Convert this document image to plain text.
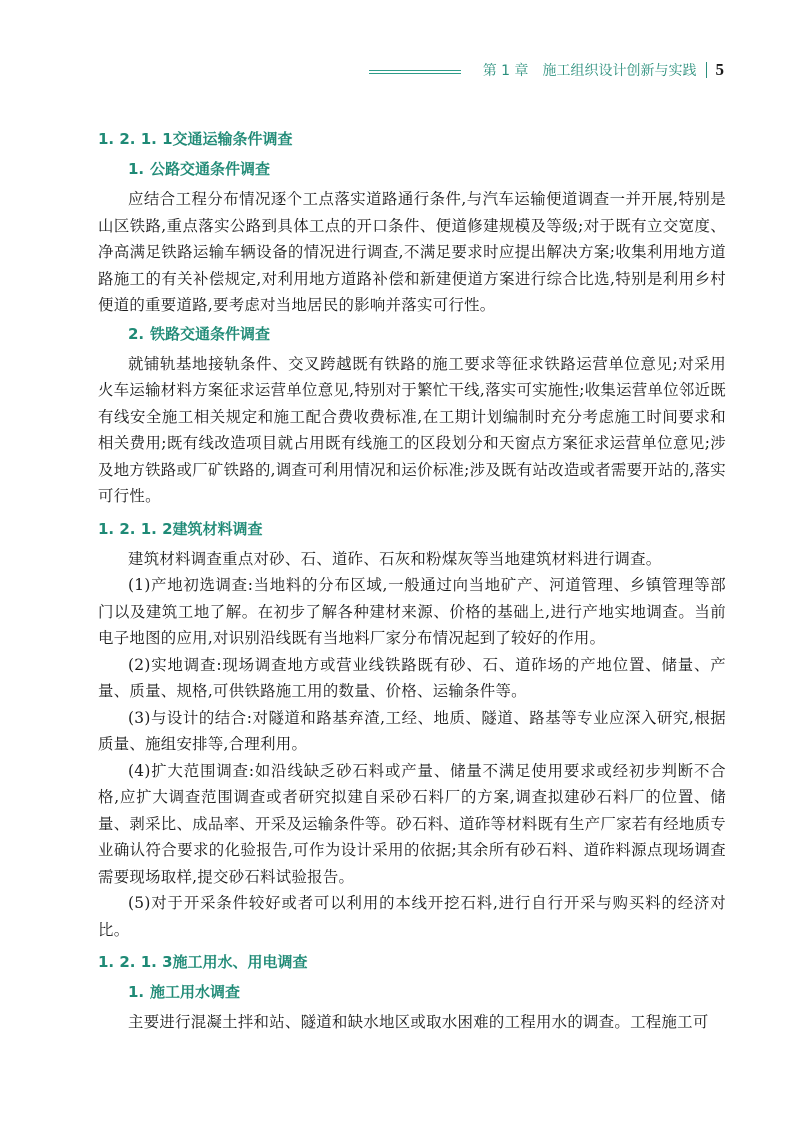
第 1 章 施工组织设计创新与实践 5
1. 2. 1. 1交通运输条件调查
1. 公路交通条件调查

应结合工程分布情况逐个工点落实道路通行条件,与汽车运输便道调查一并开展,特别是山区铁路,重点落实公路到具体工点的开口条件、便道修建规模及等级;对于既有立交宽度、净高满足铁路运输车辆设备的情况进行调查,不满足要求时应提出解决方案;收集利用地方道路施工的有关补偿规定,对利用地方道路补偿和新建便道方案进行综合比选,特别是利用乡村便道的重要道路,要考虑对当地居民的影响并落实可行性。

2. 铁路交通条件调查

就铺轨基地接轨条件、交叉跨越既有铁路的施工要求等征求铁路运营单位意见;对采用火车运输材料方案征求运营单位意见,特别对于繁忙干线,落实可实施性;收集运营单位邻近既有线安全施工相关规定和施工配合费收费标准,在工期计划编制时充分考虑施工时间要求和相关费用;既有线改造项目就占用既有线施工的区段划分和天窗点方案征求运营单位意见;涉及地方铁路或厂矿铁路的,调查可利用情况和运价标准;涉及既有站改造或者需要开站的,落实可行性。

1. 2. 1. 2建筑材料调查

建筑材料调查重点对砂、石、道砟、石灰和粉煤灰等当地建筑材料进行调查。

(1)产地初选调查:当地料的分布区域,一般通过向当地矿产、河道管理、乡镇管理等部门以及建筑工地了解。在初步了解各种建材来源、价格的基础上,进行产地实地调查。当前电子地图的应用,对识别沿线既有当地料厂家分布情况起到了较好的作用。

(2)实地调查:现场调查地方或营业线铁路既有砂、石、道砟场的产地位置、储量、产量、质量、规格,可供铁路施工用的数量、价格、运输条件等。

(3)与设计的结合:对隧道和路基弃渣,工经、地质、隧道、路基等专业应深入研究,根据质量、施组安排等,合理利用。

(4)扩大范围调查:如沿线缺乏砂石料或产量、储量不满足使用要求或经初步判断不合格,应扩大调查范围调查或者研究拟建自采砂石料厂的方案,调查拟建砂石料厂的位置、储量、剥采比、成品率、开采及运输条件等。砂石料、道砟等材料既有生产厂家若有经地质专业确认符合要求的化验报告,可作为设计采用的依据;其余所有砂石料、道砟料源点现场调查需要现场取样,提交砂石料试验报告。

(5)对于开采条件较好或者可以利用的本线开挖石料,进行自行开采与购买料的经济对比。

1. 2. 1. 3施工用水、用电调查
1. 施工用水调查

主要进行混凝土拌和站、隧道和缺水地区或取水困难的工程用水的调查。工程施工可
